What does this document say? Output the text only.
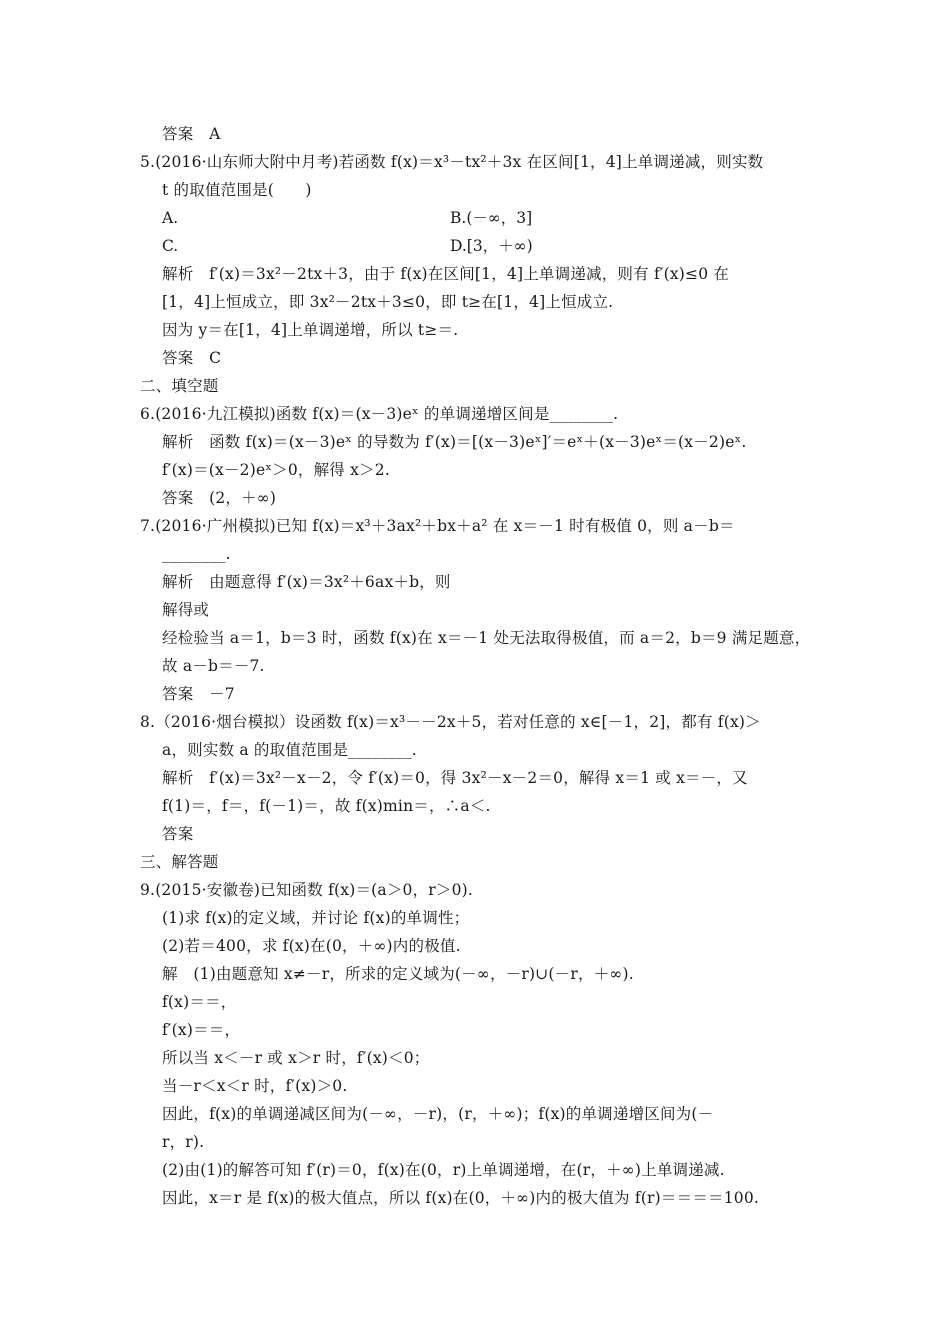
答案　A
5.(2016·山东师大附中月考)若函数 f(x)＝x³－tx²＋3x 在区间[1，4]上单调递减，则实数
t 的取值范围是(　　)
A.	B.(－∞，3]
C.	D.[3，＋∞)
解析　f′(x)＝3x²－2tx＋3，由于 f(x)在区间[1，4]上单调递减，则有 f′(x)≤0 在
[1，4]上恒成立，即 3x²－2tx＋3≤0，即 t≥在[1，4]上恒成立.
因为 y＝在[1，4]上单调递增，所以 t≥＝.
答案　C
二、填空题
6.(2016·九江模拟)函数 f(x)＝(x－3)eˣ 的单调递增区间是________.
解析　函数 f(x)＝(x－3)eˣ 的导数为 f′(x)＝[(x－3)eˣ]′＝eˣ＋(x－3)eˣ＝(x－2)eˣ.
f′(x)＝(x－2)eˣ＞0，解得 x＞2.
答案　(2，＋∞)
7.(2016·广州模拟)已知 f(x)＝x³＋3ax²＋bx＋a² 在 x＝－1 时有极值 0，则 a－b＝
________.
解析　由题意得 f′(x)＝3x²＋6ax＋b，则
解得或
经检验当 a＝1，b＝3 时，函数 f(x)在 x＝－1 处无法取得极值，而 a＝2，b＝9 满足题意，
故 a－b＝－7.
答案　－7
8.（2016·烟台模拟）设函数 f(x)＝x³－－2x＋5，若对任意的 x∈[－1，2]，都有 f(x)＞
a，则实数 a 的取值范围是________.
解析　f′(x)＝3x²－x－2，令 f′(x)＝0，得 3x²－x－2＝0，解得 x＝1 或 x＝－，又
f(1)＝，f＝，f(－1)＝，故 f(x)min＝，∴a＜.
答案
三、解答题
9.(2015·安徽卷)已知函数 f(x)＝(a＞0，r＞0).
(1)求 f(x)的定义域，并讨论 f(x)的单调性；
(2)若＝400，求 f(x)在(0，＋∞)内的极值.
解　(1)由题意知 x≠－r，所求的定义域为(－∞，－r)∪(－r，＋∞).
f(x)＝＝，
f′(x)＝＝，
所以当 x＜－r 或 x＞r 时，f′(x)＜0；
当－r＜x＜r 时，f′(x)＞0.
因此，f(x)的单调递减区间为(－∞，－r)，(r，＋∞)；f(x)的单调递增区间为(－
r，r).
(2)由(1)的解答可知 f′(r)＝0，f(x)在(0，r)上单调递增，在(r，＋∞)上单调递减.
因此，x＝r 是 f(x)的极大值点，所以 f(x)在(0，＋∞)内的极大值为 f(r)＝＝＝＝100.
